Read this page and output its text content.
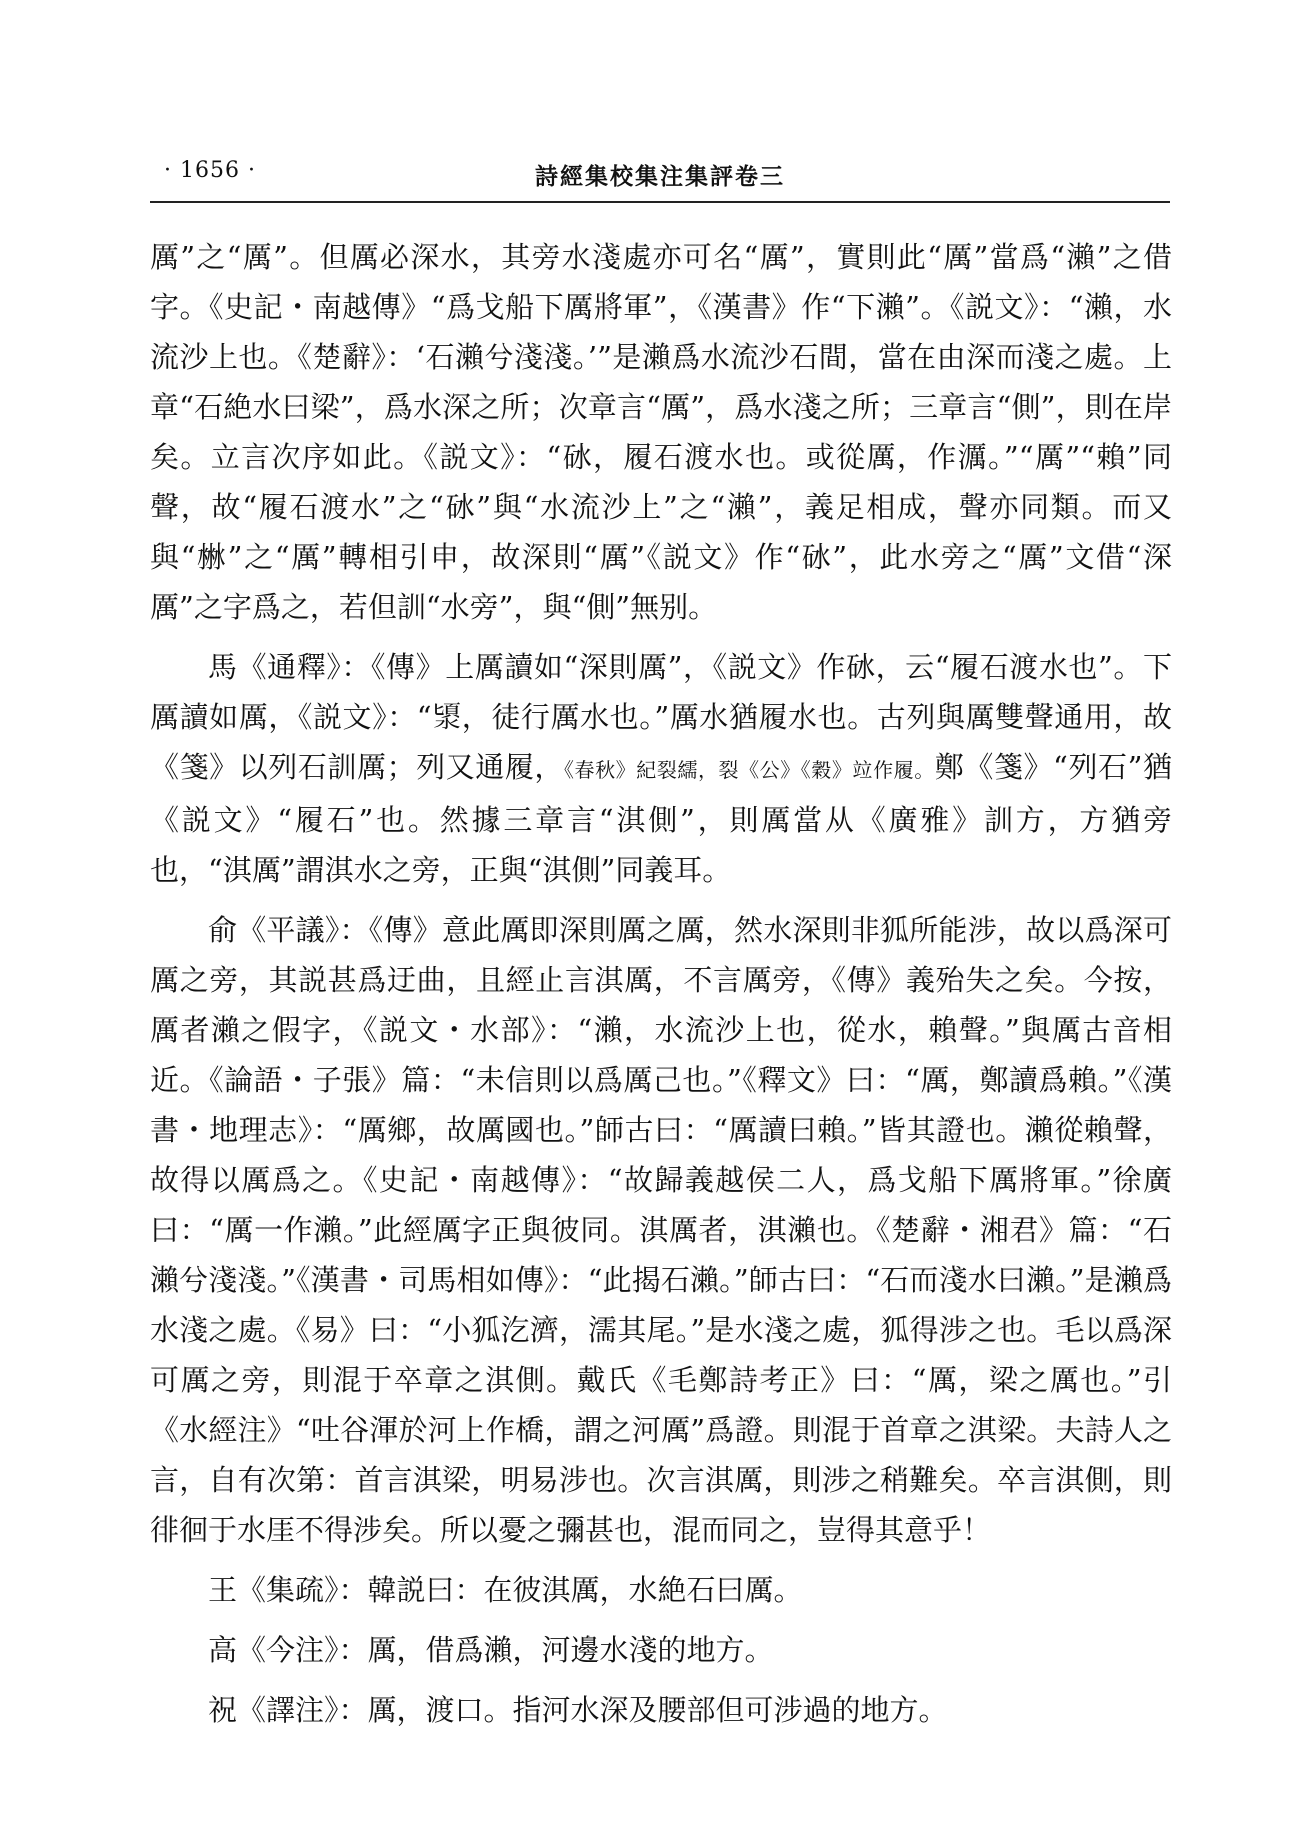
· 1656 ·	詩經集校集注集評卷三

厲”之“厲”。但厲必深水，其旁水淺處亦可名“厲”，實則此“厲”當爲“瀨”之借字。《史記・南越傳》“爲戈船下厲將軍”，《漢書》作“下瀨”。《説文》：“瀨，水流沙上也。《楚辭》：‘石瀨兮淺淺。’”是瀨爲水流沙石間，當在由深而淺之處。上章“石絶水曰梁”，爲水深之所；次章言“厲”，爲水淺之所；三章言“側”，則在岸矣。立言次序如此。《説文》：“砅，履石渡水也。或從厲，作濿。”“厲”“賴”同聲，故“履石渡水”之“砅”與“水流沙上”之“瀨”，義足相成，聲亦同類。而又與“㴇”之“厲”轉相引申，故深則“厲”《説文》作“砅”，此水旁之“厲”文借“深厲”之字爲之，若但訓“水旁”，與“側”無别。

馬《通釋》：《傳》上厲讀如“深則厲”，《説文》作砅，云“履石渡水也”。下厲讀如厲，《説文》：“𣻯，徒行厲水也。”厲水猶履水也。古列與厲雙聲通用，故《箋》以列石訓厲；列又通履，《春秋》紀裂繻，裂《公》《穀》竝作履。鄭《箋》“列石”猶《説文》“履石”也。然據三章言“淇側”，則厲當从《廣雅》訓方，方猶旁也，“淇厲”謂淇水之旁，正與“淇側”同義耳。

俞《平議》：《傳》意此厲即深則厲之厲，然水深則非狐所能涉，故以爲深可厲之旁，其説甚爲迂曲，且經止言淇厲，不言厲旁，《傳》義殆失之矣。今按，厲者瀨之假字，《説文・水部》：“瀨，水流沙上也，從水，賴聲。”與厲古音相近。《論語・子張》篇：“未信則以爲厲己也。”《釋文》曰：“厲，鄭讀爲賴。”《漢書・地理志》：“厲鄉，故厲國也。”師古曰：“厲讀曰賴。”皆其證也。瀨從賴聲，故得以厲爲之。《史記・南越傳》：“故歸義越侯二人，爲戈船下厲將軍。”徐廣曰：“厲一作瀨。”此經厲字正與彼同。淇厲者，淇瀨也。《楚辭・湘君》篇：“石瀨兮淺淺。”《漢書・司馬相如傳》：“此揭石瀨。”師古曰：“石而淺水曰瀨。”是瀨爲水淺之處。《易》曰：“小狐汔濟，濡其尾。”是水淺之處，狐得涉之也。毛以爲深可厲之旁，則混于卒章之淇側。戴氏《毛鄭詩考正》曰：“厲，梁之厲也。”引《水經注》“吐谷渾於河上作橋，謂之河厲”爲證。則混于首章之淇梁。夫詩人之言，自有次第：首言淇梁，明易涉也。次言淇厲，則涉之稍難矣。卒言淇側，則徘徊于水厓不得涉矣。所以憂之彌甚也，混而同之，豈得其意乎！

王《集疏》：韓説曰：在彼淇厲，水絶石曰厲。

高《今注》：厲，借爲瀨，河邊水淺的地方。

祝《譯注》：厲，渡口。指河水深及腰部但可涉過的地方。
